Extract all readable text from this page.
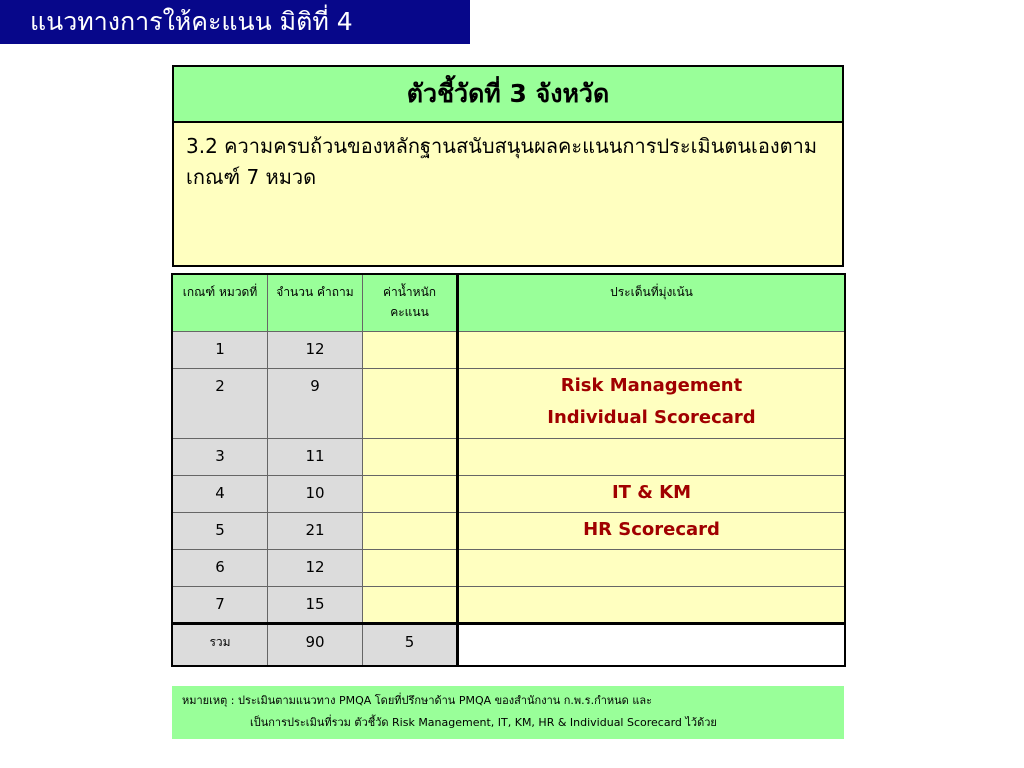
แนวทางการให้คะแนน มิติที่ 4
ตัวชี้วัดที่ 3 จังหวัด
3.2 ความครบถ้วนของหลักฐานสนับสนุนผลคะแนนการประเมินตนเองตามเกณฑ์ 7 หมวด
เกณฑ์ หมวดที่	จำนวน คำถาม	ค่าน้ำหนัก คะแนน	ประเด็นที่มุ่งเน้น
1	12		
2	9		Risk Management
Individual Scorecard

3	11		
4	10		IT & KM
5	21		HR Scorecard
6	12		
7	15		
รวม	90	5	
หมายเหตุ : ประเมินตามแนวทาง PMQA โดยที่ปรึกษาด้าน PMQA ของสำนักงาน ก.พ.ร.กำหนด และ
เป็นการประเมินที่รวม ตัวชี้วัด Risk Management, IT, KM, HR & Individual Scorecard ไว้ด้วย
